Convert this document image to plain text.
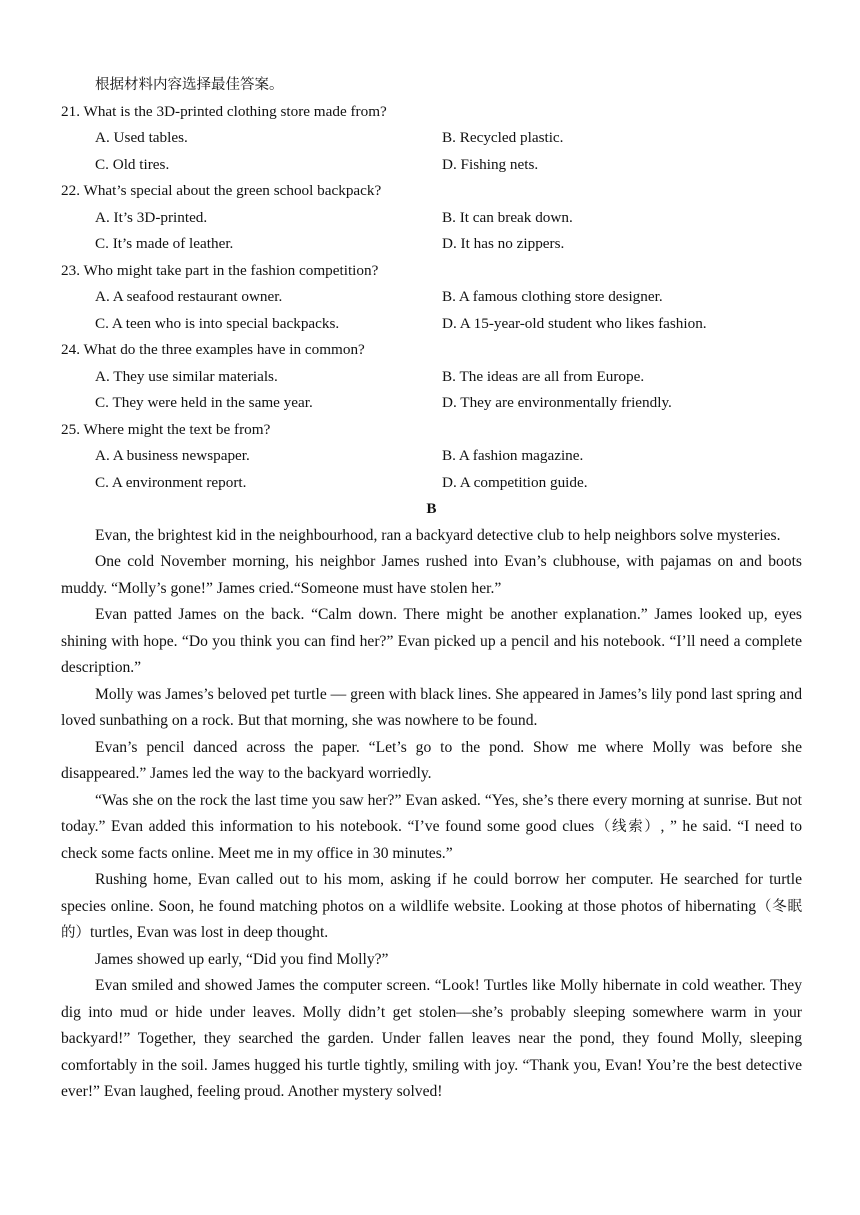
根据材料内容选择最佳答案。
21. What is the 3D-printed clothing store made from?
A. Used tables.	B. Recycled plastic.
C. Old tires.	D. Fishing nets.
22. What’s special about the green school backpack?
A. It’s 3D-printed.	B. It can break down.
C. It’s made of leather.	D. It has no zippers.
23. Who might take part in the fashion competition?
A. A seafood restaurant owner.	B. A famous clothing store designer.
C. A teen who is into special backpacks.	D. A 15-year-old student who likes fashion.
24. What do the three examples have in common?
A. They use similar materials.	B. The ideas are all from Europe.
C. They were held in the same year.	D. They are environmentally friendly.
25. Where might the text be from?
A. A business newspaper.	B. A fashion magazine.
C. A environment report.	D. A competition guide.
B

Evan, the brightest kid in the neighbourhood, ran a backyard detective club to help neighbors solve mysteries.

One cold November morning, his neighbor James rushed into Evan’s clubhouse, with pajamas on and boots muddy. “Molly’s gone!” James cried.“Someone must have stolen her.”

Evan patted James on the back. “Calm down. There might be another explanation.” James looked up, eyes shining with hope. “Do you think you can find her?” Evan picked up a pencil and his notebook. “I’ll need a complete description.”

Molly was James’s beloved pet turtle — green with black lines. She appeared in James’s lily pond last spring and loved sunbathing on a rock. But that morning, she was nowhere to be found.

Evan’s pencil danced across the paper. “Let’s go to the pond. Show me where Molly was before she disappeared.” James led the way to the backyard worriedly.

“Was she on the rock the last time you saw her?” Evan asked. “Yes, she’s there every morning at sunrise. But not today.” Evan added this information to his notebook. “I’ve found some good clues（线索）, ” he said. “I need to check some facts online. Meet me in my office in 30 minutes.”

Rushing home, Evan called out to his mom, asking if he could borrow her computer. He searched for turtle species online. Soon, he found matching photos on a wildlife website. Looking at those photos of hibernating（冬眠的）turtles, Evan was lost in deep thought.

James showed up early, “Did you find Molly?”

Evan smiled and showed James the computer screen. “Look! Turtles like Molly hibernate in cold weather. They dig into mud or hide under leaves. Molly didn’t get stolen—she’s probably sleeping somewhere warm in your backyard!” Together, they searched the garden. Under fallen leaves near the pond, they found Molly, sleeping comfortably in the soil. James hugged his turtle tightly, smiling with joy. “Thank you, Evan! You’re the best detective ever!” Evan laughed, feeling proud. Another mystery solved!
